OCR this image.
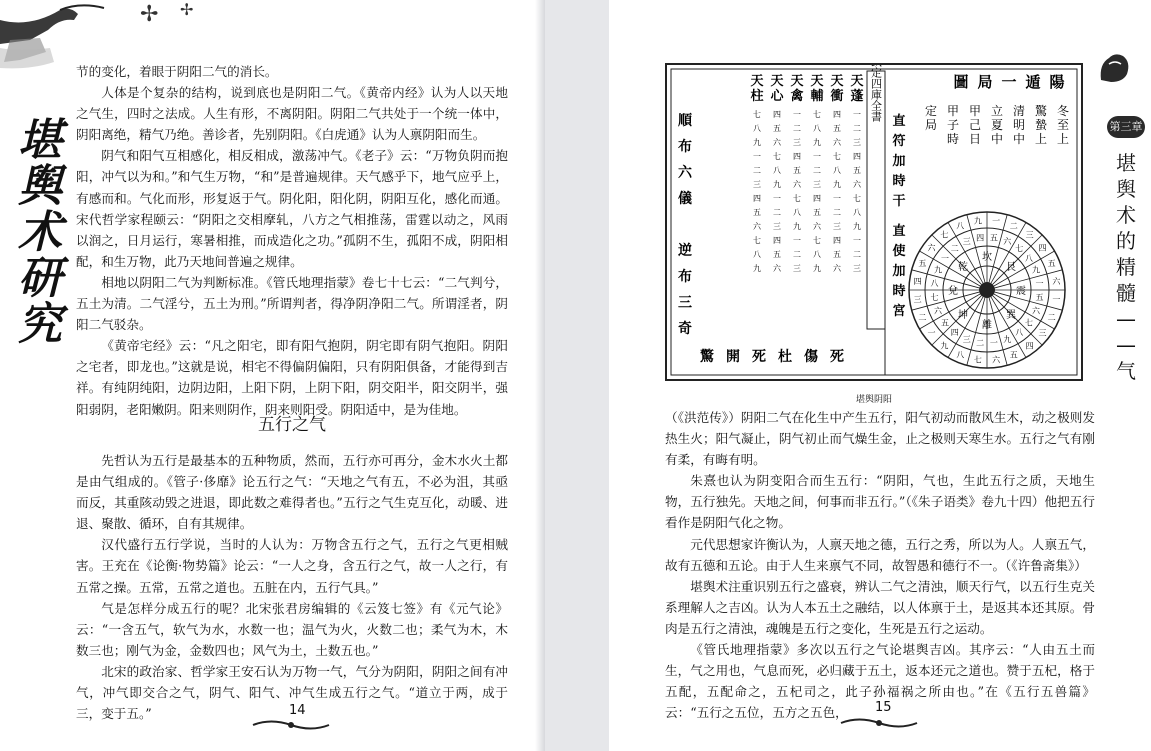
✢ ✢
堪
舆
术
研
究

节的变化，着眼于阴阳二气的消长。

人体是个复杂的结构，说到底也是阴阳二气。《黄帝内经》认为人以天地之气生，四时之法成。人生有形，不离阴阳。阴阳二气共处于一个统一体中，阴阳离绝，精气乃绝。善诊者，先别阴阳。《白虎通》认为人禀阴阳而生。

阴气和阳气互相感化，相反相成，激荡冲气。《老子》云：“万物负阴而抱阳，冲气以为和。”和气生万物，“和”是普遍规律。天气感乎下，地气应乎上，有感而和。气化而形，形复返于气。阴化阳，阳化阴，阴阳互化，感化而通。宋代哲学家程颐云：“阴阳之交相摩轧，八方之气相推荡，雷霆以动之，风雨以润之，日月运行，寒暑相推，而成造化之功。”孤阴不生，孤阳不成，阴阳相配，和生万物，此乃天地间普遍之规律。

相地以阴阳二气为判断标准。《管氏地理指蒙》卷七十七云：“二气判兮，五土为清。二气淫兮，五土为刑。”所谓判者，得净阴净阳二气。所谓淫者，阴阳二气驳杂。

《黄帝宅经》云：“凡之阳宅，即有阳气抱阴，阴宅即有阴气抱阳。阴阳之宅者，即龙也。”这就是说，相宅不得偏阴偏阳，只有阴阳俱备，才能得到吉祥。有纯阴纯阳，边阴边阳，上阳下阴，上阴下阳，阴交阳半，阳交阴半，强阳弱阴，老阳嫩阴。阳来则阴作，阴来则阳受。阴阳适中，是为佳地。

五行之气

先哲认为五行是最基本的五种物质，然而，五行亦可再分，金木水火土都是由气组成的。《管子·侈靡》论五行之气：“天地之气有五，不必为沮，其亟而反，其重陔动毁之进退，即此数之难得者也。”五行之气生克互化，动暖、进退、聚散、循环，自有其规律。

汉代盛行五行学说，当时的人认为：万物含五行之气，五行之气更相贼害。王充在《论衡·物势篇》论云：“一人之身，含五行之气，故一人之行，有五常之操。五常，五常之道也。五脏在内，五行气具。”

气是怎样分成五行的呢？北宋张君房编辑的《云笈七签》有《元气论》云：“一含五气，软气为水，水数一也；温气为火，火数二也；柔气为木，木数三也；刚气为金，金数四也；风气为土，土数五也。”

北宋的政治家、哲学家王安石认为万物一气，气分为阴阳，阴阳之间有冲气，冲气即交合之气，阴气、阳气、冲气生成五行之气。“道立于两，成于三，变于五。”	14
天
蓬
天
衝
天
輔
天
禽
天
心
天
柱
一
二
三
四
五
六
七
八
九
一
二
三
四
五
六
七
八
九
一
二
三
四
五
六
七
八
九
一
二
三
四
五
六
七
八
九
一
二
三
四
五
六
七
八
九
一
二
三
四
五
六
七
八
九
一
二
三
四
五
六
七
八
九
一
二
三
四
五
六
七
八
九
順
布
六
儀
逆
布
三
奇
驚 開 死 杜 傷 死
直
符
加
時
干
直
使
加
時
宮
欽定四庫全書	陽
遁
一
局
圖
冬
至
上
驚
蟄
上
清
明
中
立
夏
中
甲
己
日
甲
子
時
定
局
坎
艮
震
巽
離
坤
兌
乾
一
五
二
六
三
七
四
八
五
九
六
一
七
二
八
三
九
四
一
五
二
六
三 七
四 八
五
九
六
一
七
二
八
三
九
四
一
五
二
六
三
七 四
八
五
九
六
一
堪舆阴阳

（《洪范传》）阴阳二气在化生中产生五行，阳气初动而散风生木，动之极则发热生火；阳气凝止，阴气初止而气燥生金，止之极则天寒生水。五行之气有刚有柔，有晦有明。

朱熹也认为阴变阳合而生五行：“阴阳，气也，生此五行之质，天地生物，五行独先。天地之间，何事而非五行。”（《朱子语类》卷九十四）他把五行看作是阴阳气化之物。

元代思想家许衡认为，人禀天地之德，五行之秀，所以为人。人禀五气，故有五德和五论。由于人生来禀气不同，故智愚和德行不一。（《许鲁斋集》）

堪舆术注重识别五行之盛衰，辨认二气之清浊，顺天行气，以五行生克关系理解人之吉凶。认为人本五土之融结，以人体禀于土，是返其本还其原。骨肉是五行之清浊，魂魄是五行之变化，生死是五行之运动。

《管氏地理指蒙》多次以五行之气论堪舆吉凶。其序云：“人由五土而生，气之用也，气息而死，必归藏于五土，返本还元之道也。赞于五杞，格于五配，五配命之，五杞司之，此子孙福祸之所由也。”在《五行五兽篇》云：“五行之五位，五方之五色，

第三章
堪
舆
术
的
精
髓
—
—
气
15
